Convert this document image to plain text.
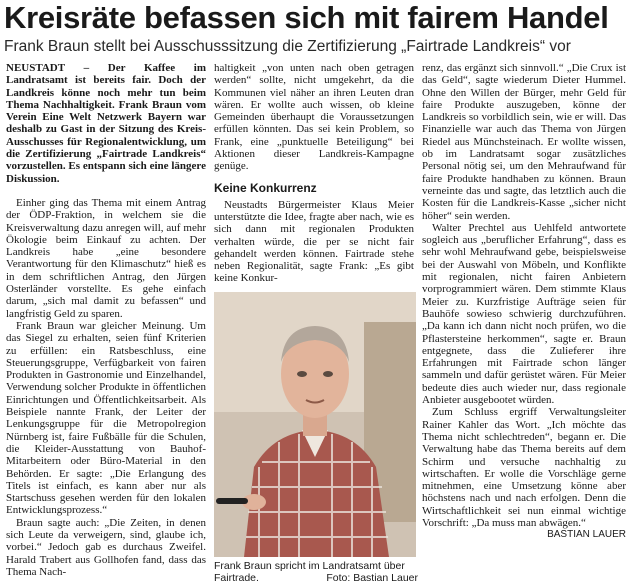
Kreisräte befassen sich mit fairem Handel
Frank Braun stellt bei Ausschusssitzung die Zertifizierung „Fairtrade Landkreis“ vor

NEUSTADT – Der Kaffee im Landratsamt ist bereits fair. Doch der Landkreis könne noch mehr tun beim Thema Nachhaltigkeit. Frank Braun vom Verein Eine Welt Netzwerk Bayern war deshalb zu Gast in der Sitzung des Kreis-Ausschusses für Regionalentwicklung, um die Zertifizierung „Fairtrade Landkreis“ vorzustellen. Es entspann sich eine längere Diskussion.

Einher ging das Thema mit einem Antrag der ÖDP-Fraktion, in welchem sie die Kreisverwaltung dazu anregen will, auf mehr Ökologie beim Einkauf zu achten. Der Landkreis habe „eine besondere Verantwortung für den Klimaschutz“ hieß es in dem schriftlichen Antrag, den Jürgen Osterländer vorstellte. Es gehe einfach darum, „sich mal damit zu befassen“ und langfristig Geld zu sparen.

Frank Braun war gleicher Meinung. Um das Siegel zu erhalten, seien fünf Kriterien zu erfüllen: ein Ratsbeschluss, eine Steuerungsgruppe, Verfügbarkeit von fairen Produkten in Gastronomie und Einzelhandel, Verwendung solcher Produkte in öffentlichen Einrichtungen und Öffentlichkeitsarbeit. Als Beispiele nannte Frank, der Leiter der Lenkungsgruppe für die Metropolregion Nürnberg ist, faire Fußbälle für die Schulen, die Kleider-Ausstattung von Bauhof-Mitarbeitern oder Büro-Material in den Behörden. Er sagte: „Die Erlangung des Titels ist einfach, es kann aber nur als Startschuss gesehen werden für den lokalen Entwicklungsprozess.“

Braun sagte auch: „Die Zeiten, in denen sich Leute da verweigern, sind, glaube ich, vorbei.“ Jedoch gab es durchaus Zweifel. Harald Trabert aus Gollhofen fand, dass das Thema Nach-

haltigkeit „von unten nach oben getragen werden“ sollte, nicht umgekehrt, da die Kommunen viel näher an ihren Leuten dran wären. Er wollte auch wissen, ob kleine Gemeinden überhaupt die Voraussetzungen erfüllen könnten. Das sei kein Problem, so Frank, eine „punktuelle Beteiligung“ bei Aktionen dieser Landkreis-Kampagne genüge.

Keine Konkurrenz

Neustadts Bürgermeister Klaus Meier unterstützte die Idee, fragte aber nach, wie es sich dann mit regionalen Produkten verhalten würde, die per se nicht fair gehandelt werden können. Fairtrade stehe neben Regionalität, sagte Frank: „Es gibt keine Konkur-

Frank Braun spricht im Landratsamt über Fairtrade.	Foto: Bastian Lauer

renz, das ergänzt sich sinnvoll.“ „Die Crux ist das Geld“, sagte wiederum Dieter Hummel. Ohne den Willen der Bürger, mehr Geld für faire Produkte auszugeben, könne der Landkreis so vorbildlich sein, wie er will. Das Finanzielle war auch das Thema von Jürgen Riedel aus Münchsteinach. Er wollte wissen, ob im Landratsamt sogar zusätzliches Personal nötig sei, um den Mehraufwand für faire Produkte handhaben zu können. Braun verneinte das und sagte, das letztlich auch die Kosten für die Landkreis-Kasse „sicher nicht höher“ sein werden.

Walter Prechtel aus Uehlfeld antwortete sogleich aus „beruflicher Erfahrung“, dass es sehr wohl Mehraufwand gebe, beispielsweise bei der Auswahl von Möbeln, und Konflikte mit regionalen, nicht fairen Anbietern vorprogrammiert wären. Dem stimmte Klaus Meier zu. Kurzfristige Aufträge seien für Bauhöfe sowieso schwierig durchzuführen. „Da kann ich dann nicht noch prüfen, wo die Pflastersteine herkommen“, sagte er. Braun entgegnete, dass die Zulieferer ihre Erfahrungen mit Fairtrade schon länger sammeln und dafür gerüstet wären. Für Meier bedeute dies auch wieder nur, dass regionale Anbieter ausgebootet würden.

Zum Schluss ergriff Verwaltungsleiter Rainer Kahler das Wort. „Ich möchte das Thema nicht schlechtreden“, begann er. Die Verwaltung habe das Thema bereits auf dem Schirm und versuche nachhaltig zu wirtschaften. Er wolle die Vorschläge gerne mitnehmen, eine Umsetzung könne aber höchstens nach und nach erfolgen. Denn die Wirtschaftlichkeit sei nun einmal wichtige Vorschrift: „Da muss man abwägen.“
BASTIAN LAUER
